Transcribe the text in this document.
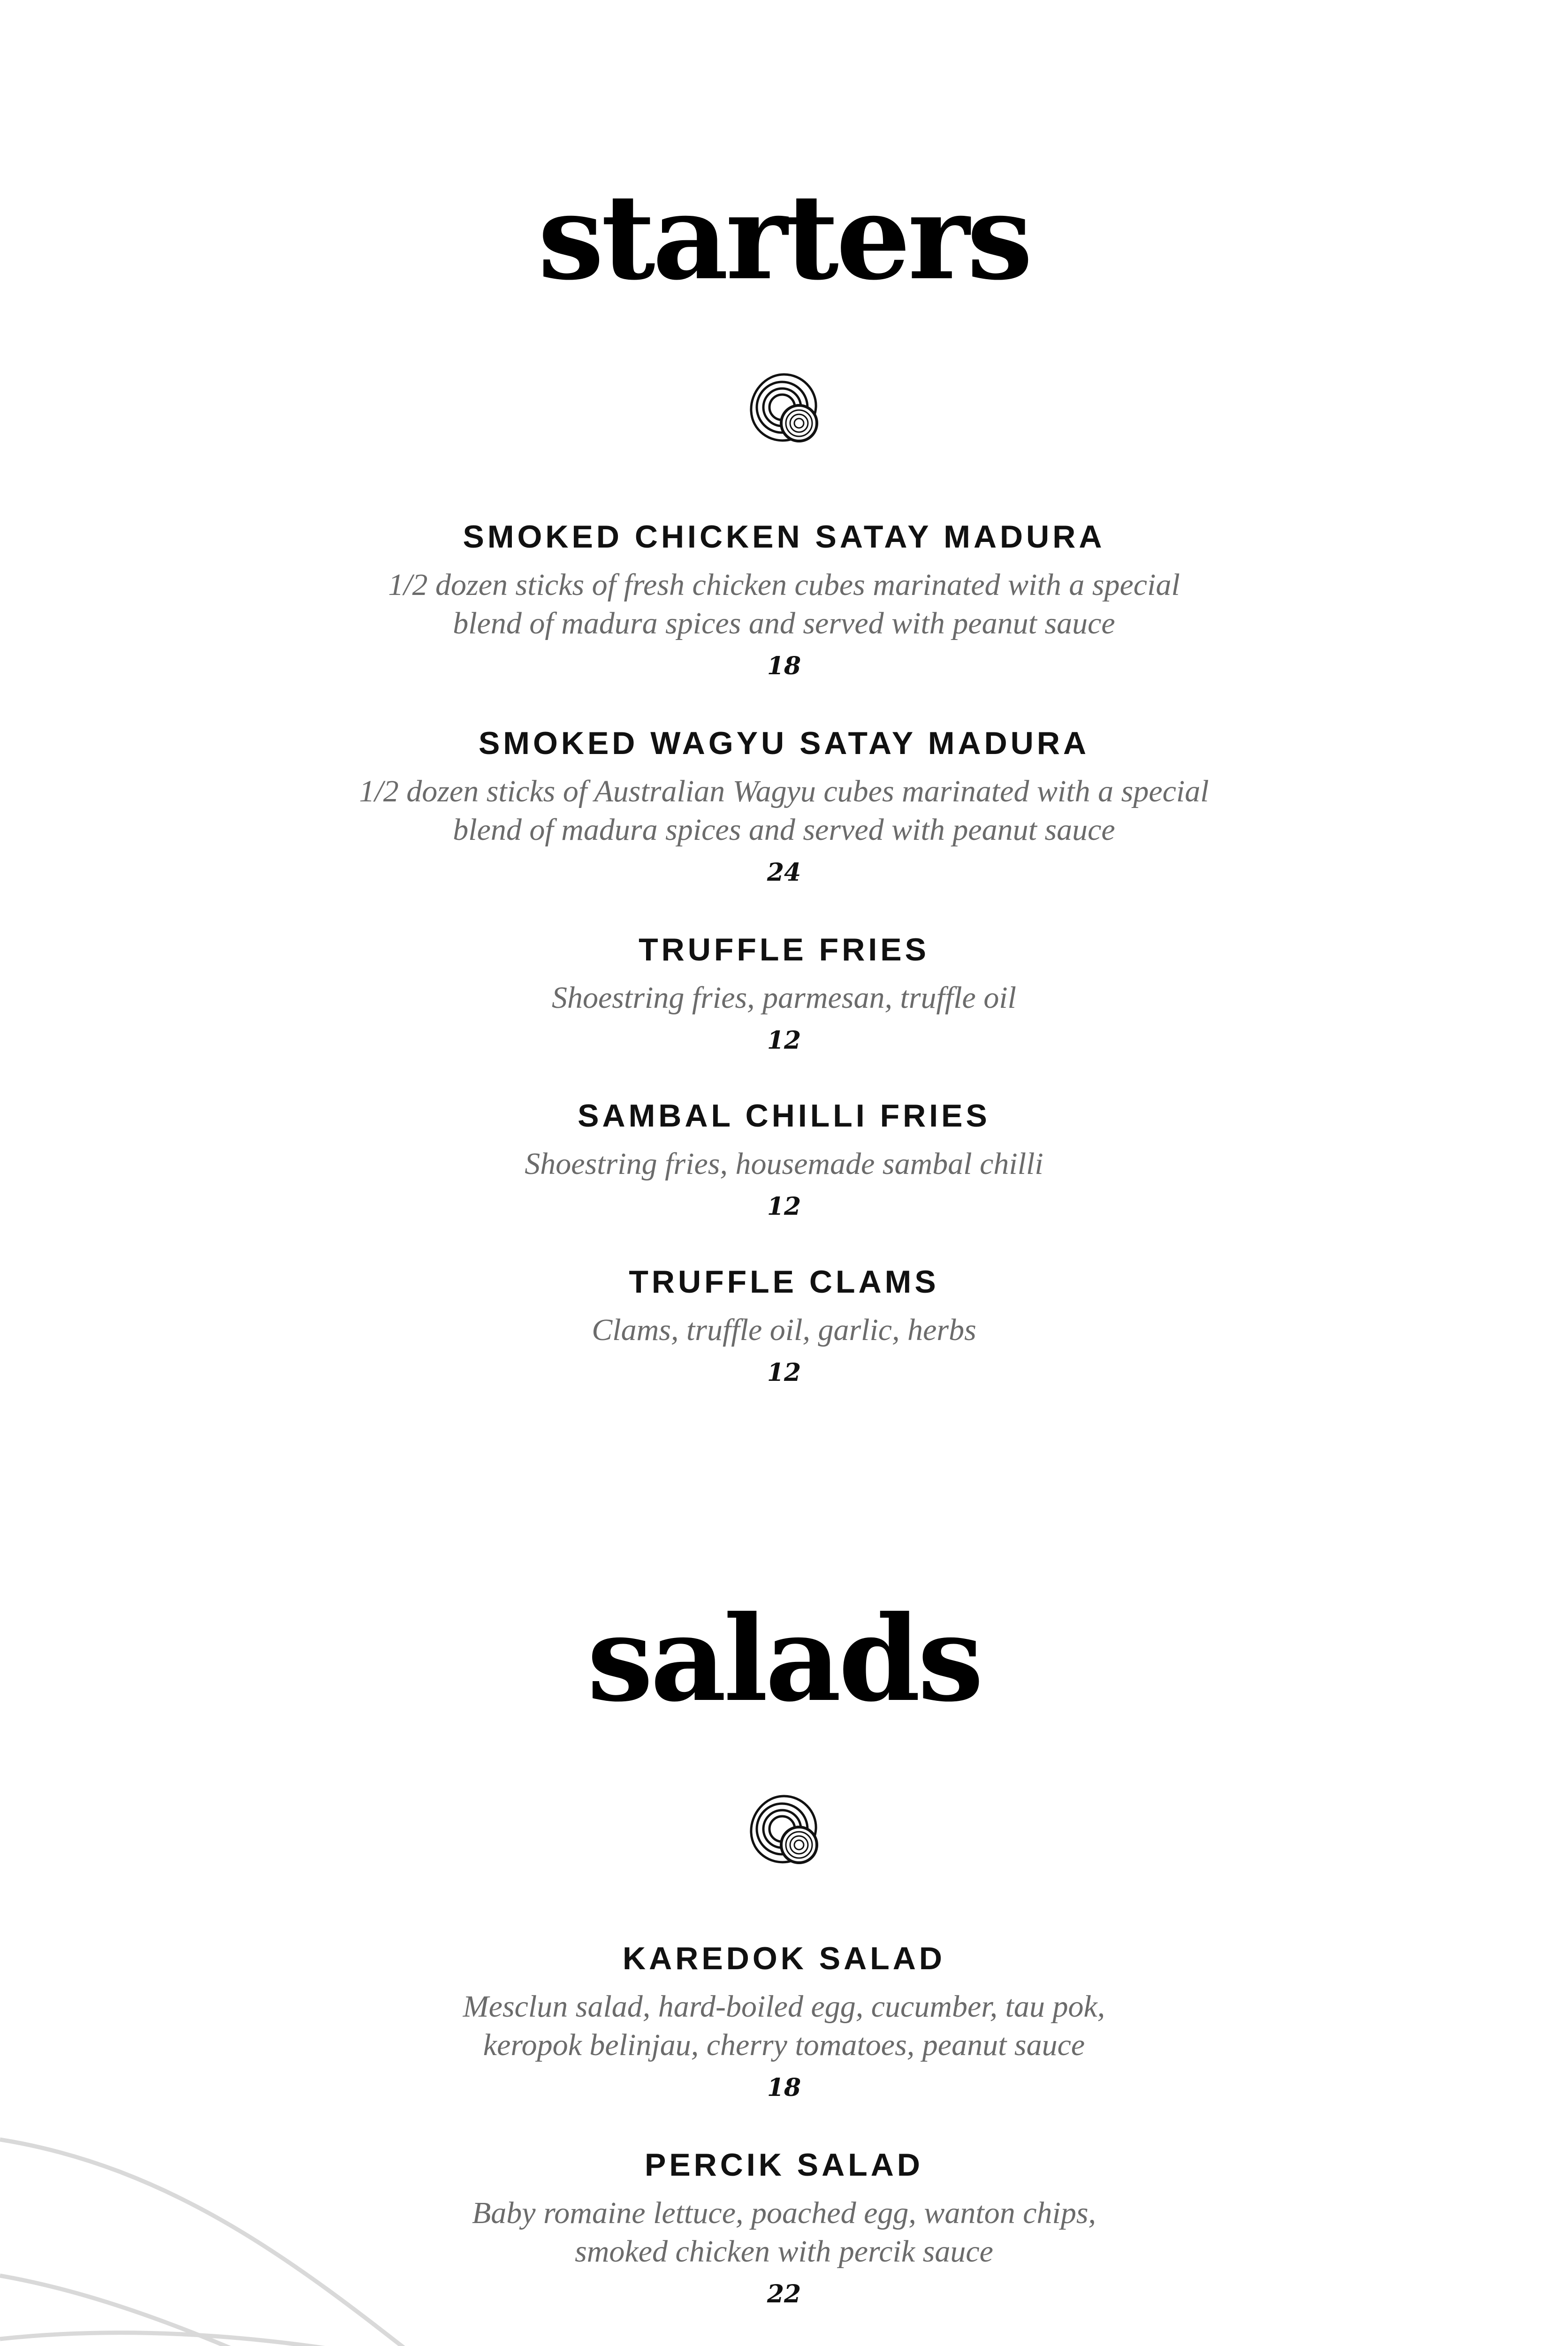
starters
SMOKED CHICKEN SATAY MADURA
1/2 dozen sticks of fresh chicken cubes marinated with a special
blend of madura spices and served with peanut sauce
18
SMOKED WAGYU SATAY MADURA
1/2 dozen sticks of Australian Wagyu cubes marinated with a special
blend of madura spices and served with peanut sauce
24
TRUFFLE FRIES
Shoestring fries, parmesan, truffle oil
12
SAMBAL CHILLI FRIES
Shoestring fries, housemade sambal chilli
12
TRUFFLE CLAMS
Clams, truffle oil, garlic, herbs
12
salads
KAREDOK SALAD
Mesclun salad, hard-boiled egg, cucumber, tau pok,
keropok belinjau, cherry tomatoes, peanut sauce
18
PERCIK SALAD
Baby romaine lettuce, poached egg, wanton chips,
smoked chicken with percik sauce
22
